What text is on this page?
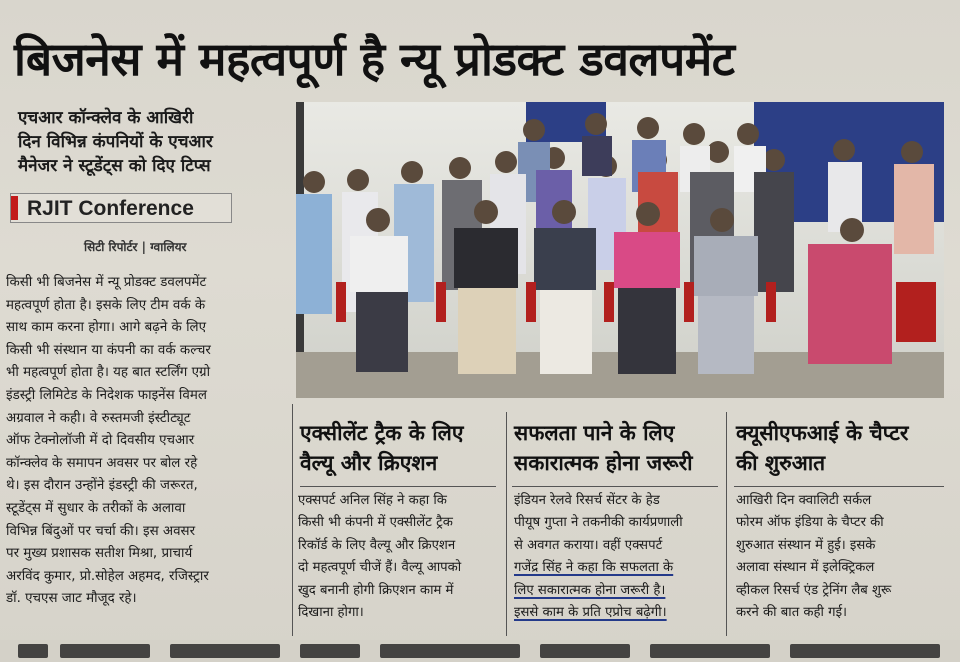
बिजनेस में महत्वपूर्ण है न्यू प्रोडक्ट डवलपमेंट
एचआर कॉन्क्लेव के आखिरी
दिन विभिन्न कंपनियों के एचआर
मैनेजर ने स्टूडेंट्स को दिए टिप्स
RJIT Conference
सिटी रिपोर्टर | ग्वालियर
किसी भी बिजनेस में न्यू प्रोडक्ट डवलपमेंट
महत्वपूर्ण होता है। इसके लिए टीम वर्क के
साथ काम करना होगा। आगे बढ़ने के लिए
किसी भी संस्थान या कंपनी का वर्क कल्चर
भी महत्वपूर्ण होता है। यह बात स्टर्लिंग एग्रो
इंडस्ट्री लिमिटेड के निदेशक फाइनेंस विमल
अग्रवाल ने कही। वे रुस्तमजी इंस्टीट्यूट
ऑफ टेक्नोलॉजी में दो दिवसीय एचआर
कॉन्क्लेव के समापन अवसर पर बोल रहे
थे। इस दौरान उन्होंने इंडस्ट्री की जरूरत,
स्टूडेंट्स में सुधार के तरीकों के अलावा
विभिन्न बिंदुओं पर चर्चा की। इस अवसर
पर मुख्य प्रशासक सतीश मिश्रा, प्राचार्य
अरविंद कुमार, प्रो.सोहेल अहमद, रजिस्ट्रार
डॉ. एचएस जाट मौजूद रहे।
एक्सीलेंट ट्रैक के लिए
वैल्यू और क्रिएशन
एक्सपर्ट अनिल सिंह ने कहा कि
किसी भी कंपनी में एक्सीलेंट ट्रैक
रिकॉर्ड के लिए वैल्यू और क्रिएशन
दो महत्वपूर्ण चीजें हैं। वैल्यू आपको
खुद बनानी होगी क्रिएशन काम में
दिखाना होगा।
सफलता पाने के लिए
सकारात्मक होना जरूरी
इंडियन रेलवे रिसर्च सेंटर के हेड
पीयूष गुप्ता ने तकनीकी कार्यप्रणाली
से अवगत कराया। वहीं एक्सपर्ट
गजेंद्र सिंह ने कहा कि सफलता के
लिए सकारात्मक होना जरूरी है।
इससे काम के प्रति एप्रोच बढ़ेगी।
क्यूसीएफआई के चैप्टर
की शुरुआत
आखिरी दिन क्वालिटी सर्कल
फोरम ऑफ इंडिया के चैप्टर की
शुरुआत संस्थान में हुई। इसके
अलावा संस्थान में इलेक्ट्रिकल
व्हीकल रिसर्च एंड ट्रेनिंग लैब शुरू
करने की बात कही गई।
